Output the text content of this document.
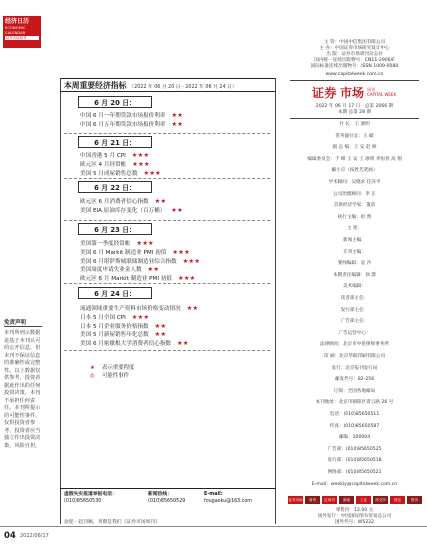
经济日历
ECONOMIC
CALENDAR
证券市场周刊
免责声明
本刊所列示数据是基于本刊认可的公开信息，但本刊不保证信息的准确性或完整性。以上数据仅供参考，投资者据此作出的任何投资决策，本刊不承担任何责任。本刊所提示的可能性事件，仅供投资者参考，投资者应当独立作出投资决策，风险自担。
本周重要经济指标 （2022 年 06 月 20 日 - 2022 年 06 月 24 日）
6 月 20 日：
中国 6 月一年期贷款市场报价利率 ★★
中国 6 月五年期贷款市场报价利率 ★★
6 月 21 日：
中国香港 5 月 CPI ★★★
欧元区 4 月经常帐 ★★★
美国 5 月成屋销售总数 ★★★
6 月 22 日：
欧元区 6 月消费者信心指数 ★★
美国 EIA 原油库存变化（百万桶） ★★
6 月 23 日：
美国第一季度经常帐 ★★★
美国 6 月 Markit 制造业 PMI 初值 ★★★
美国 6 月堪萨斯城联储制造业综合指数 ★★★
美国周度申请失业金人数 ★★
欧元区 6 月 Markit 制造业 PMI 初值 ★★★
6 月 24 日：
流通领域重要生产资料市场价格变动情况 ★★
日本 5 月全国 CPI ★★★
日本 5 月企业服务价格指数 ★★
美国 5 月新屋销售年化总数 ★★
美国 6 月密歇根大学消费者信心指数 ★★
★ 表示重要程度
◎ 可能性事件
虚假失实报道举报电话：
(010)85650530
新闻热线：
(010)85650529
E-mail:
fougaoku@163.com
欢迎一起刊稿，刊期是我们《证券市场周刊》
主 管：中国中信集团有限公司
主 办：中国证券市场研究设计中心
出 版：证券市场周刊杂志社
国内统一连续出版物号：CN11-2906/F
国际标准连续出版物号：ISSN 1009-0080
www.capitalweek.com.cn
证券 市场 周刊
CAPITAL WEEK
2022 年 06 月 17 日　总第 2066 期
本期 总第 28 期
社 长：王 凛明
常务副社长：王 嵘
副 总 编：王 安 赵 洲
编辑委员会：于 峰 王 安 王 凛明 李恒春 高 翔
戴小京（按姓氏笔画）
学术顾问：吴晓求 任泽平
公司治理顾问：李 正
首席经济学家：董蓓
执行主编：赵 然
主 笔：
新闻主编：
专刊主编：
要闻编辑：袁 沙
本期责任编辑：徐 潇
美术编辑：
读者部主任：
发行部主任：
广告部主任：
广告运营中心：
法律顾问：北京市中伦律师事务所
印 刷：北京华联印刷有限公司
发行：北京报刊发行局
邮发代号：82-256
订阅：全国各地邮局
本刊地址：北京市朝阳区霄云路 26 号
电话：(010)85650511
传真：(010)85650587
邮编：100004
广告部：(010)85650525
发行部：(010)85650518
网络部：(010)85650521
E-mail：weekly@capitalweek.com.cn
证券市场	周刊	红周刊	新闻	上证	深交所	财经	报刊
零售价：12.00 元
国外发行：中国国际图书贸易总公司
国外代号：W5222
04 2022/06/17
